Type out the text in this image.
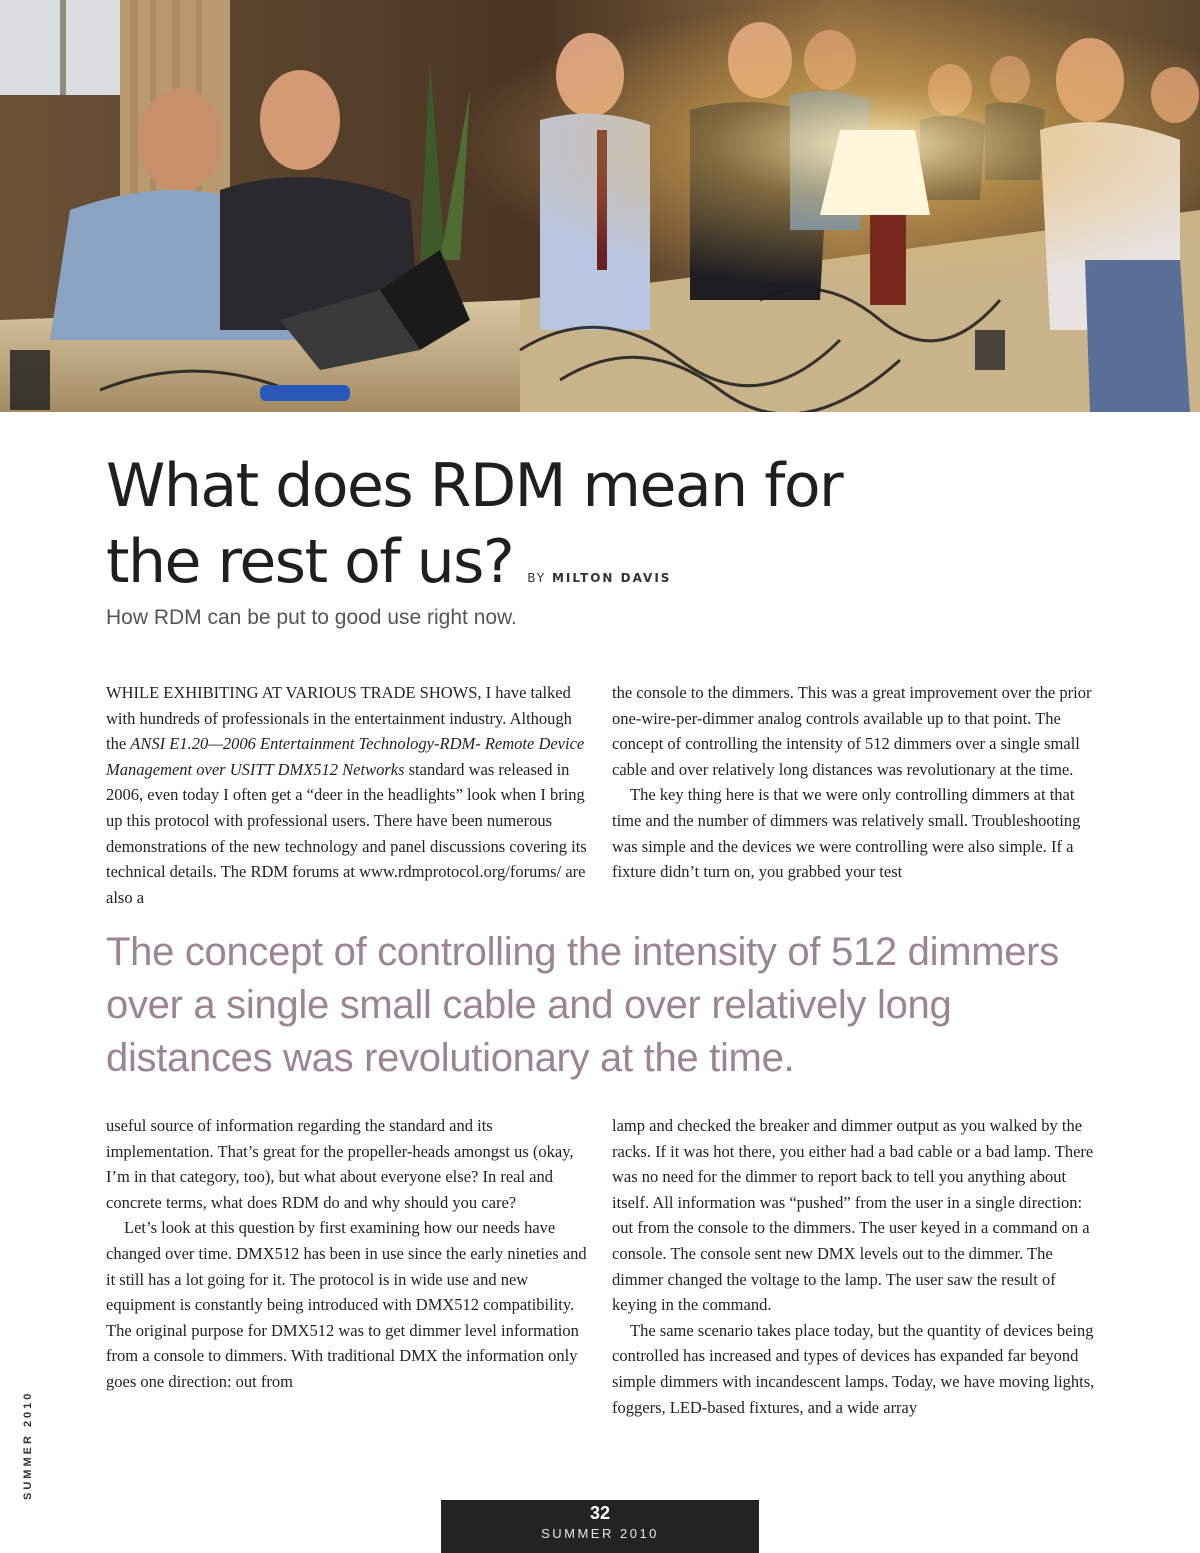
What does RDM mean for
the rest of us? BY MILTON DAVIS

How RDM can be put to good use right now.

WHILE EXHIBITING AT VARIOUS TRADE SHOWS, I have talked with hundreds of professionals in the entertainment industry. Although the ANSI E1.20—2006 Entertainment Technology-RDM- Remote Device Management over USITT DMX512 Networks standard was released in 2006, even today I often get a “deer in the headlights” look when I bring up this protocol with professional users. There have been numerous demonstrations of the new technology and panel discussions covering its technical details. The RDM forums at www.rdmprotocol.org/forums/ are also a

the console to the dimmers. This was a great improvement over the prior one-wire-per-dimmer analog controls available up to that point. The concept of controlling the intensity of 512 dimmers over a single small cable and over relatively long distances was revolutionary at the time.

The key thing here is that we were only controlling dimmers at that time and the number of dimmers was relatively small. Troubleshooting was simple and the devices we were controlling were also simple. If a fixture didn’t turn on, you grabbed your test

The concept of controlling the intensity of 512 dimmers over a single small cable and over relatively long distances was revolutionary at the time.

useful source of information regarding the standard and its implementation. That’s great for the propeller-heads amongst us (okay, I’m in that category, too), but what about everyone else? In real and concrete terms, what does RDM do and why should you care?

Let’s look at this question by first examining how our needs have changed over time. DMX512 has been in use since the early nineties and it still has a lot going for it. The protocol is in wide use and new equipment is constantly being introduced with DMX512 compatibility. The original purpose for DMX512 was to get dimmer level information from a console to dimmers. With traditional DMX the information only goes one direction: out from

lamp and checked the breaker and dimmer output as you walked by the racks. If it was hot there, you either had a bad cable or a bad lamp. There was no need for the dimmer to report back to tell you anything about itself. All information was “pushed” from the user in a single direction: out from the console to the dimmers. The user keyed in a command on a console. The console sent new DMX levels out to the dimmer. The dimmer changed the voltage to the lamp. The user saw the result of keying in the command.

The same scenario takes place today, but the quantity of devices being controlled has increased and types of devices has expanded far beyond simple dimmers with incandescent lamps. Today, we have moving lights, foggers, LED-based fixtures, and a wide array

SUMMER 2010
32
SUMMER 2010
